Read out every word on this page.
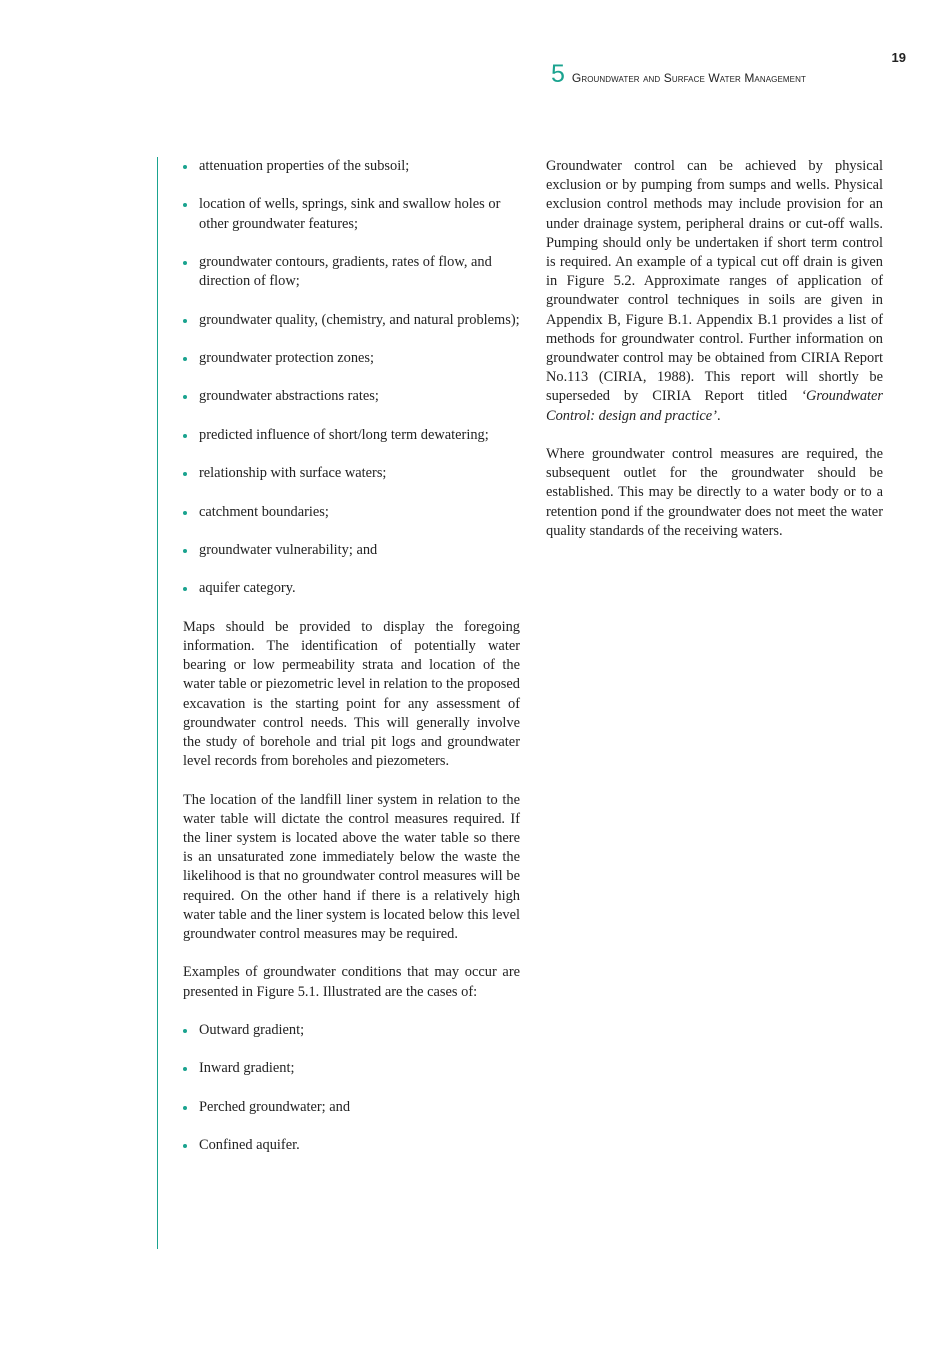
19
5 Groundwater and Surface Water Management
attenuation properties of the subsoil;
location of wells, springs, sink and swallow holes or other groundwater features;
groundwater contours, gradients, rates of flow, and direction of flow;
groundwater quality, (chemistry, and natural problems);
groundwater protection zones;
groundwater abstractions rates;
predicted influence of short/long term dewatering;
relationship with surface waters;
catchment boundaries;
groundwater vulnerability; and
aquifer category.

Maps should be provided to display the foregoing information. The identification of potentially water bearing or low permeability strata and location of the water table or piezometric level in relation to the proposed excavation is the starting point for any assessment of groundwater control needs. This will generally involve the study of borehole and trial pit logs and groundwater level records from boreholes and piezometers.

The location of the landfill liner system in relation to the water table will dictate the control measures required. If the liner system is located above the water table so there is an unsaturated zone immediately below the waste the likelihood is that no groundwater control measures will be required. On the other hand if there is a relatively high water table and the liner system is located below this level groundwater control measures may be required.

Examples of groundwater conditions that may occur are presented in Figure 5.1. Illustrated are the cases of:

Outward gradient;
Inward gradient;
Perched groundwater; and
Confined aquifer.

Groundwater control can be achieved by physical exclusion or by pumping from sumps and wells. Physical exclusion control methods may include provision for an under drainage system, peripheral drains or cut-off walls. Pumping should only be undertaken if short term control is required. An example of a typical cut off drain is given in Figure 5.2. Approximate ranges of application of groundwater control techniques in soils are given in Appendix B, Figure B.1. Appendix B.1 provides a list of methods for groundwater control. Further information on groundwater control may be obtained from CIRIA Report No.113 (CIRIA, 1988). This report will shortly be superseded by CIRIA Report titled ‘Groundwater Control: design and practice’.

Where groundwater control measures are required, the subsequent outlet for the groundwater should be established. This may be directly to a water body or to a retention pond if the groundwater does not meet the water quality standards of the receiving waters.
